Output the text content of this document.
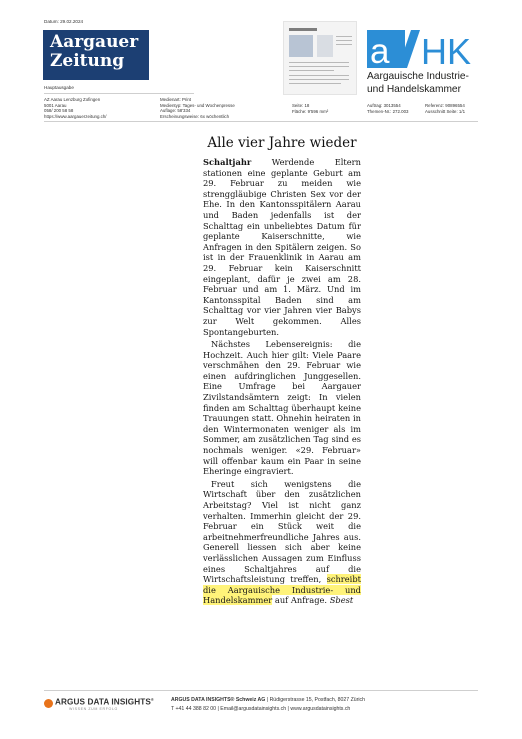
Datum: 29.02.2024
Aargauer
Zeitung
Hauptausgabe
a HK
Aargauische Industrie-
und Handelskammer
AZ Aarau Lenzburg Zofingen
5001 Aarau
058/ 200 58 58
https://www.aargauerzeitung.ch/
Medienart: Print
Medientyp: Tages- und Wochenpresse
Auflage: 58'334
Erscheinungsweise: 6x wöchentlich
Seite: 18
Fläche: 9'596 mm²
Auftrag: 3013554
Themen-Nr.: 272.003
Referenz: 90896554
Ausschnitt Seite: 1/1
Alle vier Jahre wieder

Schaltjahr Werdende Eltern stationen eine geplante Geburt am 29. Februar zu meiden wie strenggläubige Christen Sex vor der Ehe. In den Kantonsspitälern Aarau und Baden jedenfalls ist der Schalttag ein unbeliebtes Datum für geplante Kaiserschnitte, wie Anfragen in den Spitälern zeigen. So ist in der Frauenklinik in Aarau am 29. Februar kein Kaiserschnitt eingeplant, dafür je zwei am 28. Februar und am 1. März. Und im Kantonsspital Baden sind am Schalttag vor vier Jahren vier Babys zur Welt gekommen. Alles Spontangeburten.

Nächstes Lebensereignis: die Hochzeit. Auch hier gilt: Viele Paare verschmähen den 29. Februar wie einen aufdringlichen Junggesellen. Eine Umfrage bei Aargauer Zivilstandsämtern zeigt: In vielen finden am Schalttag überhaupt keine Trauungen statt. Ohnehin heiraten in den Wintermonaten weniger als im Sommer, am zusätzlichen Tag sind es nochmals weniger. «29. Februar» will offenbar kaum ein Paar in seine Eheringe eingraviert.

Freut sich wenigstens die Wirtschaft über den zusätzlichen Arbeitstag? Viel ist nicht ganz verhalten. Immerhin gleicht der 29. Februar ein Stück weit die arbeitnehmerfreundliche Jahres aus. Generell liessen sich aber keine verlässlichen Aussagen zum Einfluss eines Schaltjahres auf die Wirtschaftsleistung treffen, schreibt die Aargauische Industrie- und Handelskammer auf Anfrage. Sbest

ARGUS DATA INSIGHTS®
WISSEN ZUM ERFOLG
ARGUS DATA INSIGHTS® Schweiz AG | Rüdigerstrasse 15, Postfach, 8027 Zürich
T +41 44 388 82 00 | Email@argusdatainsights.ch | www.argusdatainsights.ch
